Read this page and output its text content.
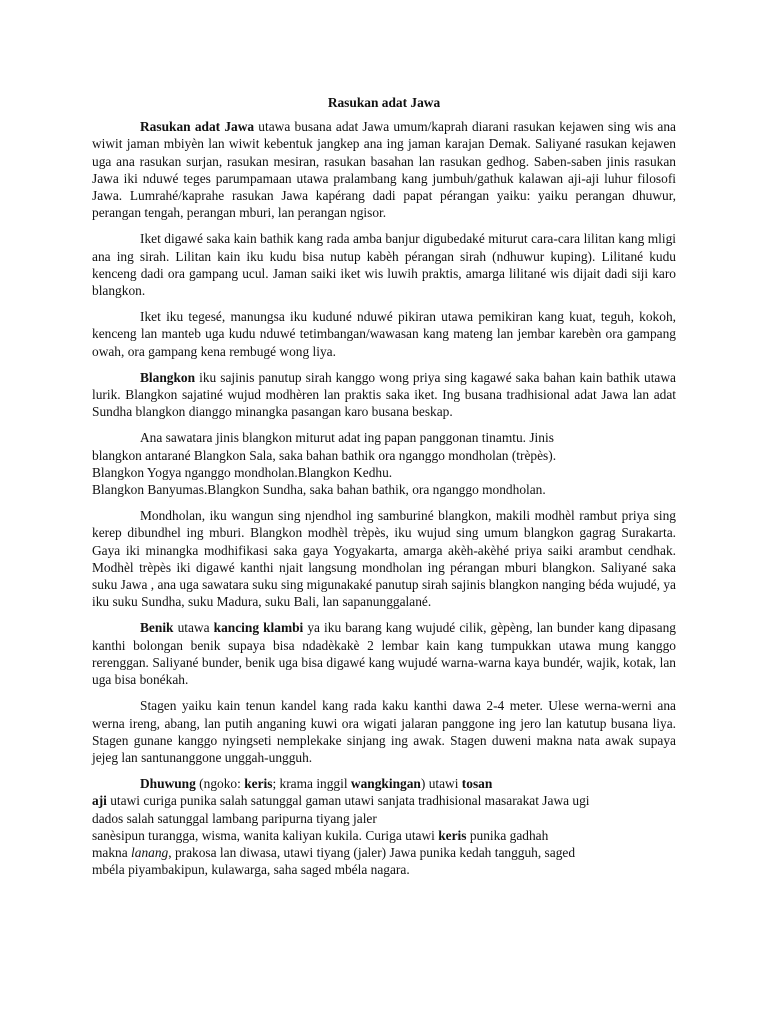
Rasukan adat Jawa

Rasukan adat Jawa utawa busana adat Jawa umum/kaprah diarani rasukan kejawen sing wis ana wiwit jaman mbiyèn lan wiwit kebentuk jangkep ana ing jaman karajan Demak. Saliyané rasukan kejawen uga ana rasukan surjan, rasukan mesiran, rasukan basahan lan rasukan gedhog. Saben-saben jinis rasukan Jawa iki nduwé teges parumpamaan utawa pralambang kang jumbuh/gathuk kalawan aji-aji luhur filosofi Jawa. Lumrahé/kaprahe rasukan Jawa kapérang dadi papat pérangan yaiku: yaiku perangan dhuwur, perangan tengah, perangan mburi, lan perangan ngisor.

Iket digawé saka kain bathik kang rada amba banjur digubedaké miturut cara-cara lilitan kang mligi ana ing sirah. Lilitan kain iku kudu bisa nutup kabèh pérangan sirah (ndhuwur kuping). Lilitané kudu kenceng dadi ora gampang ucul. Jaman saiki iket wis luwih praktis, amarga lilitané wis dijait dadi siji karo blangkon.

Iket iku tegesé, manungsa iku kuduné nduwé pikiran utawa pemikiran kang kuat, teguh, kokoh, kenceng lan manteb uga kudu nduwé tetimbangan/wawasan kang mateng lan jembar karebèn ora gampang owah, ora gampang kena rembugé wong liya.

Blangkon iku sajinis panutup sirah kanggo wong priya sing kagawé saka bahan kain bathik utawa lurik. Blangkon sajatiné wujud modhèren lan praktis saka iket. Ing busana tradhisional adat Jawa lan adat Sundha blangkon dianggo minangka pasangan karo busana beskap.

Ana sawatara jinis blangkon miturut adat ing papan panggonan tinamtu. Jinis
blangkon antarané Blangkon Sala, saka bahan bathik ora nganggo mondholan (trèpès).
Blangkon Yogya nganggo mondholan.Blangkon Kedhu.
Blangkon Banyumas.Blangkon Sundha, saka bahan bathik, ora nganggo mondholan.

Mondholan, iku wangun sing njendhol ing samburiné blangkon, makili modhèl rambut priya sing kerep dibundhel ing mburi. Blangkon modhèl trèpès, iku wujud sing umum blangkon gagrag Surakarta. Gaya iki minangka modhifikasi saka gaya Yogyakarta, amarga akèh-akèhé priya saiki arambut cendhak. Modhèl trèpès iki digawé kanthi njait langsung mondholan ing pérangan mburi blangkon. Saliyané saka suku Jawa , ana uga sawatara suku sing migunakaké panutup sirah sajinis blangkon nanging béda wujudé, ya iku suku Sundha, suku Madura, suku Bali, lan sapanunggalané.

Benik utawa kancing klambi ya iku barang kang wujudé cilik, gèpèng, lan bunder kang dipasang kanthi bolongan benik supaya bisa ndadèkakè 2 lembar kain kang tumpukkan utawa mung kanggo rerenggan. Saliyané bunder, benik uga bisa digawé kang wujudé warna-warna kaya bundér, wajik, kotak, lan uga bisa bonékah.

Stagen yaiku kain tenun kandel kang rada kaku kanthi dawa 2-4 meter. Ulese werna-werni ana werna ireng, abang, lan putih anganing kuwi ora wigati jalaran panggone ing jero lan katutup busana liya. Stagen gunane kanggo nyingseti nemplekake sinjang ing awak. Stagen duweni makna nata awak supaya jejeg lan santunanggone unggah-ungguh.

Dhuwung (ngoko: keris; krama inggil wangkingan) utawi tosan
aji utawi curiga punika salah satunggal gaman utawi sanjata tradhisional masarakat Jawa ugi
dados salah satunggal lambang paripurna tiyang jaler
sanèsipun turangga, wisma, wanita kaliyan kukila. Curiga utawi keris punika gadhah
makna lanang, prakosa lan diwasa, utawi tiyang (jaler) Jawa punika kedah tangguh, saged
mbéla piyambakipun, kulawarga, saha saged mbéla nagara.
